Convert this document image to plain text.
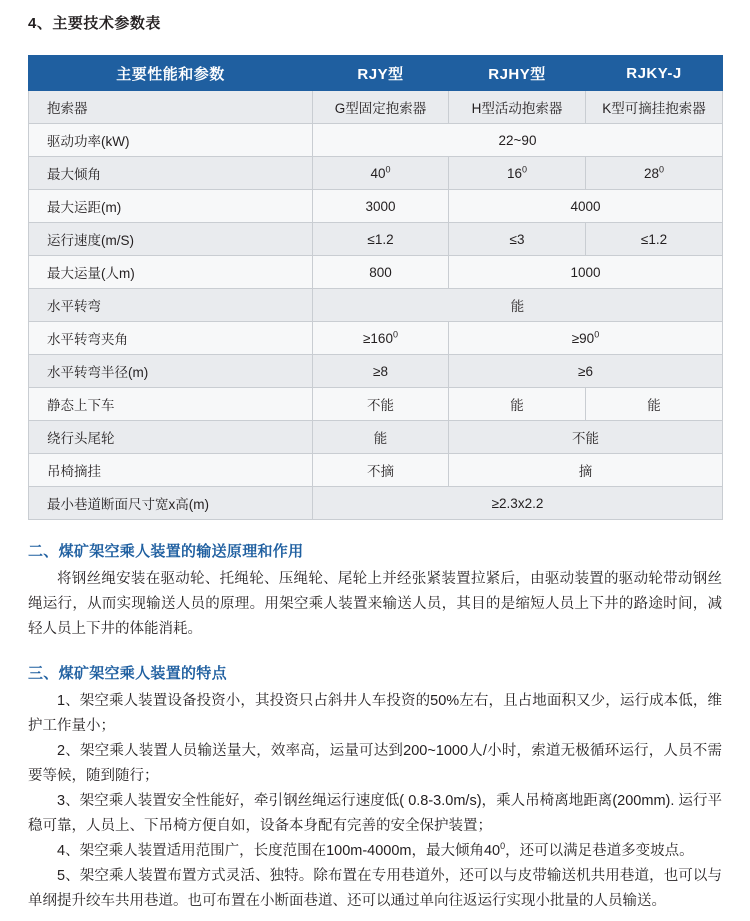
4、主要技术参数表
主要性能和参数	RJY型	RJHY型	RJKY-J
抱索器	G型固定抱索器	H型活动抱索器	K型可摘挂抱索器
驱动功率(kW)	22~90		
最大倾角	$40^0$	$16^0$	$28^0$
最大运距(m)	3000	4000	
运行速度(m/S)	≤1.2	≤3	≤1.2
最大运量(人m)	800	1000	
水平转弯	能		
水平转弯夹角	$\ge 160^0$	$\ge 90^0$
水平转弯半径(m)	≥8	≥6	
静态上下车	不能	能	能
绕行头尾轮	能	不能	
吊椅摘挂	不摘	摘	
最小巷道断面尺寸宽x高(m)	≥2.3x2.2		
二、煤矿架空乘人装置的输送原理和作用

将钢丝绳安装在驱动轮、托绳轮、压绳轮、尾轮上并经张紧装置拉紧后，由驱动装置的驱动轮带动钢丝绳运行，从而实现输送人员的原理。用架空乘人装置来输送人员，其目的是缩短人员上下井的路途时间，减轻人员上下井的体能消耗。

三、煤矿架空乘人装置的特点

1、架空乘人装置设备投资小，其投资只占斜井人车投资的50%左右，且占地面积又少，运行成本低，维护工作量小；

2、架空乘人装置人员输送量大，效率高，运量可达到200~1000人/小时，索道无极循环运行，人员不需要等候，随到随行；

3、架空乘人装置安全性能好，牵引钢丝绳运行速度低( 0.8-3.0m/s)，乘人吊椅离地距离(200mm). 运行平稳可靠，人员上、下吊椅方便自如，设备本身配有完善的安全保护装置；

4、架空乘人装置适用范围广，长度范围在100m-4000m，最大倾角$40^0$，还可以满足巷道多变坡点。

5、架空乘人装置布置方式灵活、独特。除布置在专用巷道外，还可以与皮带输送机共用巷道，也可以与单纲提升绞车共用巷道。也可布置在小断面巷道、还可以通过单向往返运行实现小批量的人员输送。
